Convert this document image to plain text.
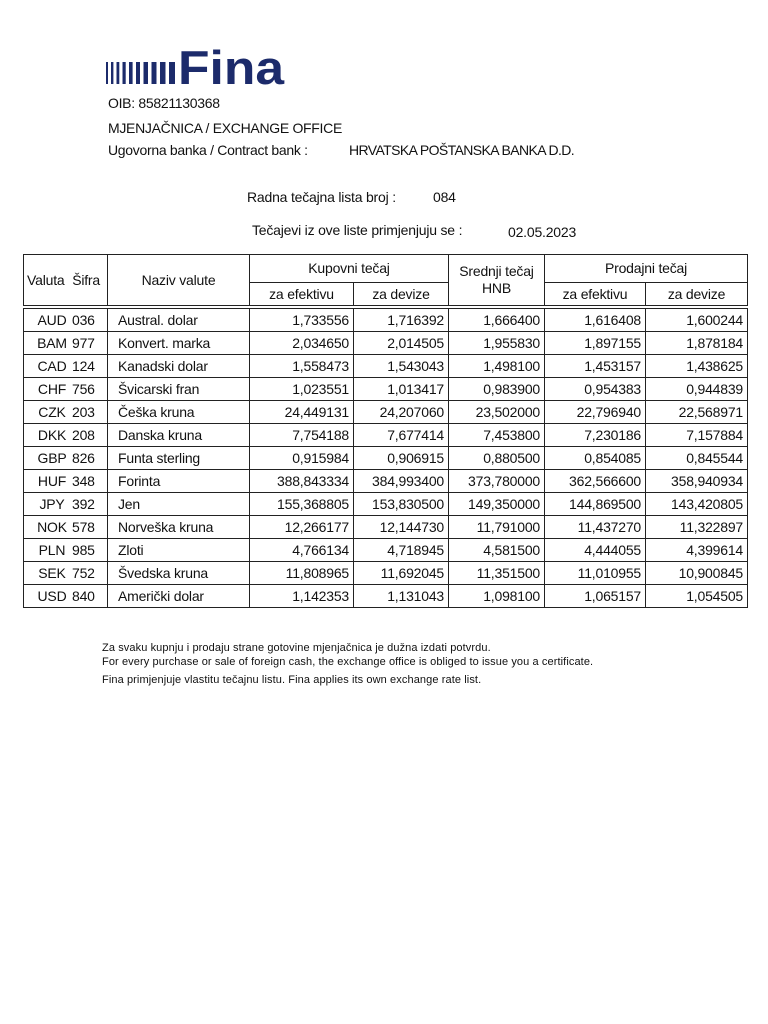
Fina
OIB: 85821130368
MJENJAČNICA / EXCHANGE OFFICE
Ugovorna banka / Contract bank :	HRVATSKA POŠTANSKA BANKA D.D.
Radna tečajna lista broj :	084
Tečajevi iz ove liste primjenjuju se :	02.05.2023
Valuta Šifra	Naziv valute	Kupovni tečaj		Srednji tečaj HNB	Prodajni tečaj	
		za efektivu	za devize		za efektivu	za devize

AUD 036	Austral. dolar	1,733556	1,716392	1,666400	1,616408	1,600244
BAM 977	Konvert. marka	2,034650	2,014505	1,955830	1,897155	1,878184
CAD 124	Kanadski dolar	1,558473	1,543043	1,498100	1,453157	1,438625
CHF 756	Švicarski fran	1,023551	1,013417	0,983900	0,954383	0,944839
CZK 203	Češka kruna	24,449131	24,207060	23,502000	22,796940	22,568971
DKK 208	Danska kruna	7,754188	7,677414	7,453800	7,230186	7,157884
GBP 826	Funta sterling	0,915984	0,906915	0,880500	0,854085	0,845544
HUF 348	Forinta	388,843334	384,993400	373,780000	362,566600	358,940934
JPY 392	Jen	155,368805	153,830500	149,350000	144,869500	143,420805
NOK 578	Norveška kruna	12,266177	12,144730	11,791000	11,437270	11,322897
PLN 985	Zloti	4,766134	4,718945	4,581500	4,444055	4,399614
SEK 752	Švedska kruna	11,808965	11,692045	11,351500	11,010955	10,900845
USD 840	Američki dolar	1,142353	1,131043	1,098100	1,065157	1,054505
Za svaku kupnju i prodaju strane gotovine mjenjačnica je dužna izdati potvrdu.
For every purchase or sale of foreign cash, the exchange office is obliged to issue you a certificate.
Fina primjenjuje vlastitu tečajnu listu. Fina applies its own exchange rate list.
